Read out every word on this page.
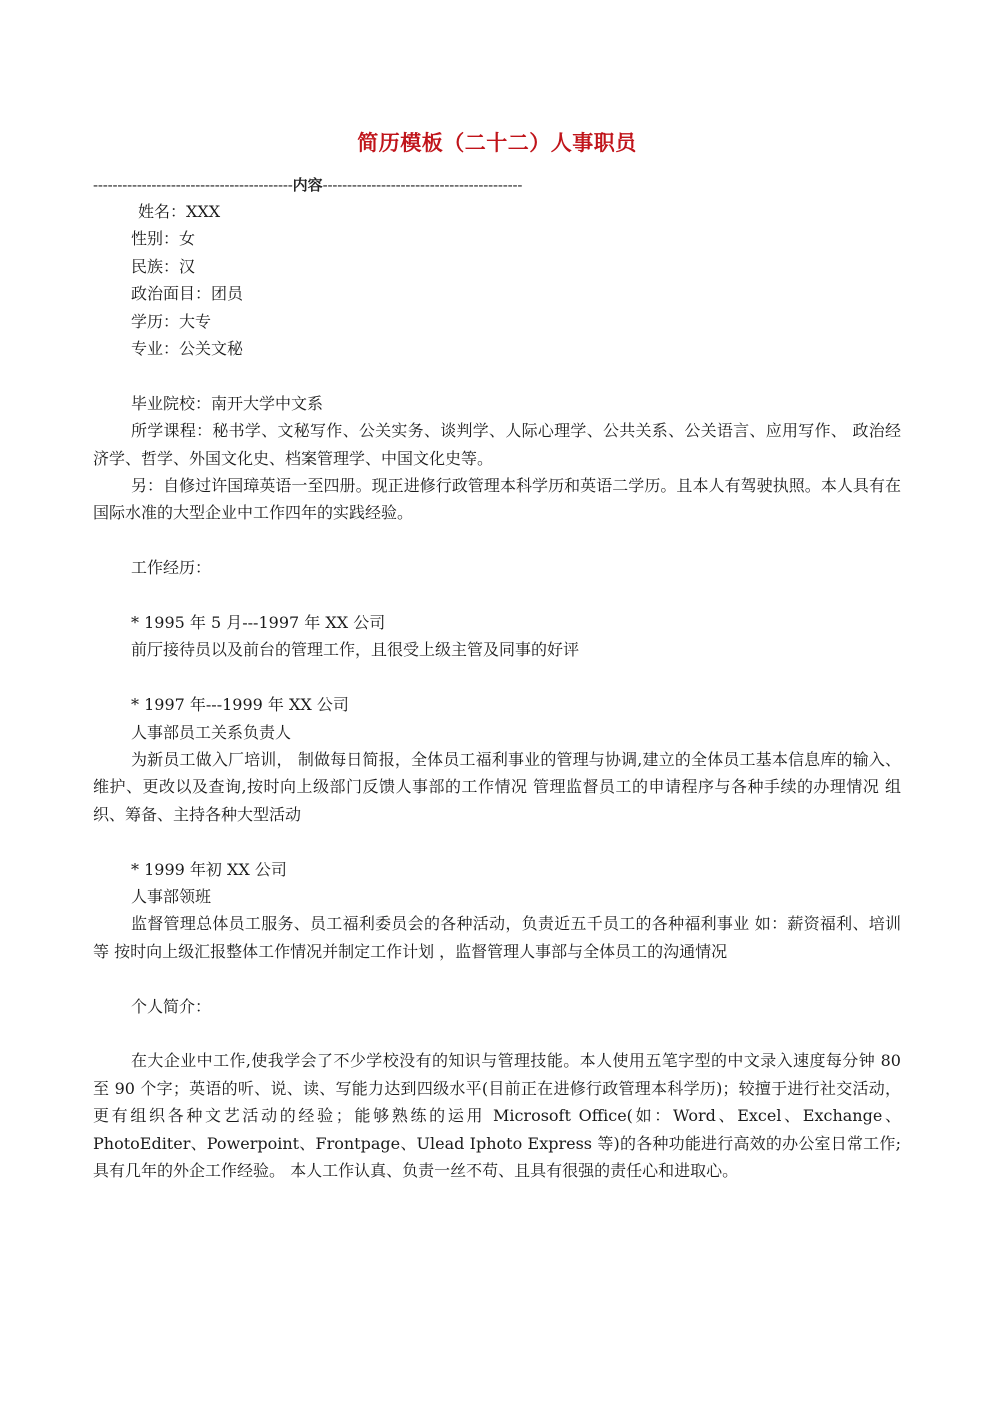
简历模板（二十二）人事职员
-----------------------------------------内容-----------------------------------------

姓名：XXX

性别：女

民族：汉

政治面目：团员

学历：大专

专业：公关文秘

毕业院校：南开大学中文系

所学课程：秘书学、文秘写作、公关实务、谈判学、人际心理学、公共关系、公关语言、应用写作、 政治经济学、哲学、外国文化史、档案管理学、中国文化史等。

另：自修过许国璋英语一至四册。现正进修行政管理本科学历和英语二学历。且本人有驾驶执照。本人具有在国际水准的大型企业中工作四年的实践经验。

工作经历：

* 1995 年 5 月---1997 年 XX 公司

前厅接待员以及前台的管理工作，且很受上级主管及同事的好评

* 1997 年---1999 年 XX 公司

人事部员工关系负责人

为新员工做入厂培训， 制做每日简报，全体员工福利事业的管理与协调,建立的全体员工基本信息库的输入、维护、更改以及查询,按时向上级部门反馈人事部的工作情况 管理监督员工的申请程序与各种手续的办理情况 组织、筹备、主持各种大型活动

* 1999 年初 XX 公司

人事部领班

监督管理总体员工服务、员工福利委员会的各种活动，负责近五千员工的各种福利事业 如：薪资福利、培训等 按时向上级汇报整体工作情况并制定工作计划 ，监督管理人事部与全体员工的沟通情况

个人简介：

在大企业中工作,使我学会了不少学校没有的知识与管理技能。本人使用五笔字型的中文录入速度每分钟 80 至 90 个字；英语的听、说、读、写能力达到四级水平(目前正在进修行政管理本科学历)；较擅于进行社交活动，更有组织各种文艺活动的经验；能够熟练的运用 Microsoft Office(如：Word、Excel、Exchange、 PhotoEditer、Powerpoint、Frontpage、Ulead Iphoto Express 等)的各种功能进行高效的办公室日常工作;具有几年的外企工作经验。 本人工作认真、负责一丝不苟、且具有很强的责任心和进取心。
